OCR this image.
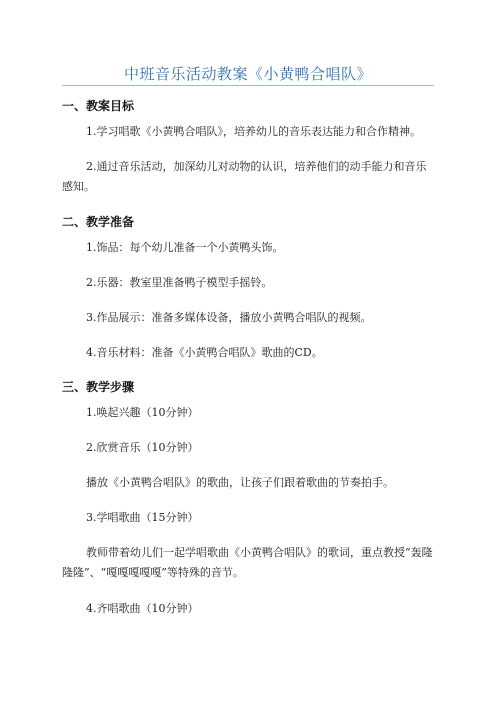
中班音乐活动教案《小黄鸭合唱队》
一、教案目标
1.学习唱歌《小黄鸭合唱队》，培养幼儿的音乐表达能力和合作精神。
2.通过音乐活动，加深幼儿对动物的认识，培养他们的动手能力和音乐感知。
二、教学准备
1.饰品：每个幼儿准备一个小黄鸭头饰。
2.乐器：教室里准备鸭子模型手摇铃。
3.作品展示：准备多媒体设备，播放小黄鸭合唱队的视频。
4.音乐材料：准备《小黄鸭合唱队》歌曲的CD。
三、教学步骤
1.唤起兴趣（10分钟）
2.欣赏音乐（10分钟）
播放《小黄鸭合唱队》的歌曲，让孩子们跟着歌曲的节奏拍手。
3.学唱歌曲（15分钟）
教师带着幼儿们一起学唱歌曲《小黄鸭合唱队》的歌词，重点教授“轰隆隆隆”、“嘎嘎嘎嘎嘎”等特殊的音节。
4.齐唱歌曲（10分钟）
